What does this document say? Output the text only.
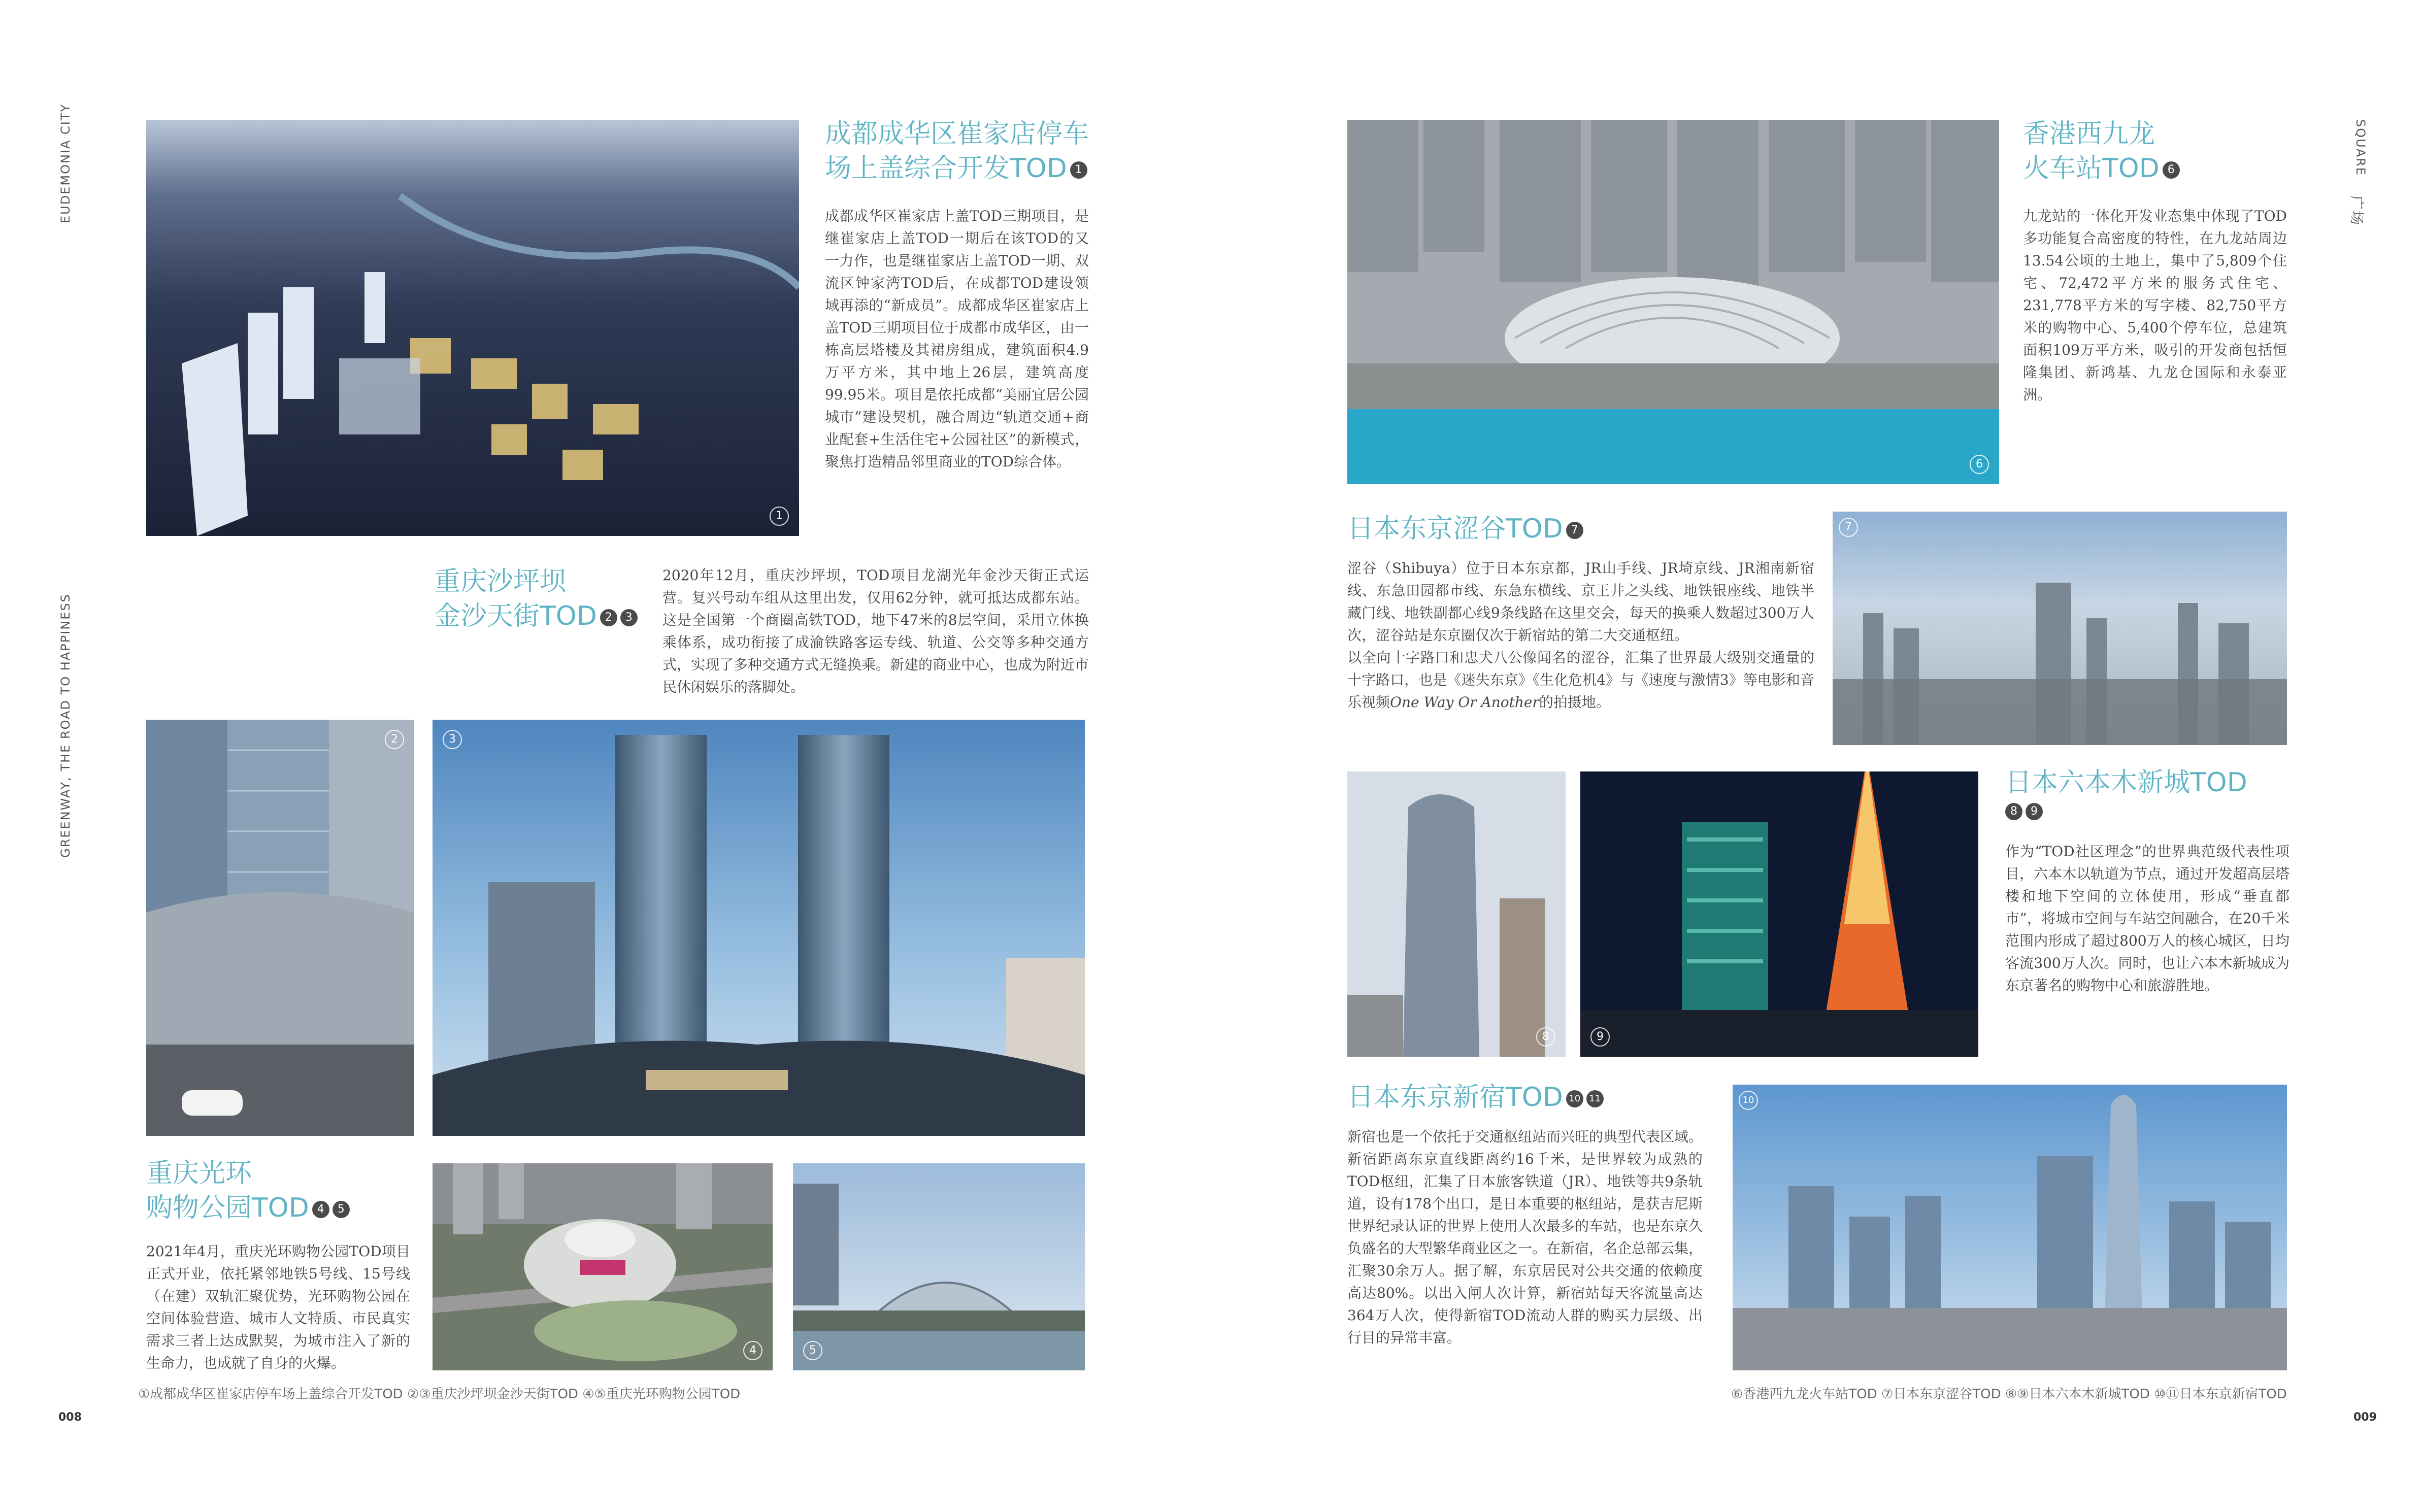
EUDEMONIA CITY
GREENWAY, THE ROAD TO HAPPINESS
SQUARE
广场
1

成都成华区崔家店停车

场上盖综合开发TOD 1

成都成华区崔家店上盖TOD三期项目，是继崔家店上盖TOD一期后在该TOD的又一力作，也是继崔家店上盖TOD一期、双流区钟家湾TOD后，在成都TOD建设领域再添的“新成员”。成都成华区崔家店上盖TOD三期项目位于成都市成华区，由一栋高层塔楼及其裙房组成，建筑面积4.9万平方米，其中地上26层，建筑高度99.95米。项目是依托成都“美丽宜居公园城市”建设契机，融合周边“轨道交通+商业配套+生活住宅+公园社区”的新模式，聚焦打造精品邻里商业的TOD综合体。

重庆沙坪坝

金沙天街TOD 2 3

2020年12月，重庆沙坪坝，TOD项目龙湖光年金沙天街正式运营。复兴号动车组从这里出发，仅用62分钟，就可抵达成都东站。这是全国第一个商圈高铁TOD，地下47米的8层空间，采用立体换乘体系，成功衔接了成渝铁路客运专线、轨道、公交等多种交通方式，实现了多种交通方式无缝换乘。新建的商业中心，也成为附近市民休闲娱乐的落脚处。

2	3

重庆光环

购物公园TOD 4 5

2021年4月，重庆光环购物公园TOD项目正式开业，依托紧邻地铁5号线、15号线（在建）双轨汇聚优势，光环购物公园在空间体验营造、城市人文特质、市民真实需求三者上达成默契，为城市注入了新的生命力，也成就了自身的火爆。

4	5
①成都成华区崔家店停车场上盖综合开发TOD ②③重庆沙坪坝金沙天街TOD ④⑤重庆光环购物公园TOD
008
6

香港西九龙

火车站TOD 6

九龙站的一体化开发业态集中体现了TOD多功能复合高密度的特性，在九龙站周边13.54公顷的土地上，集中了5,809个住宅、72,472平方米的服务式住宅、231,778平方米的写字楼、82,750平方米的购物中心、5,400个停车位，总建筑面积109万平方米，吸引的开发商包括恒隆集团、新鸿基、九龙仓国际和永泰亚洲。

日本东京涩谷TOD 7

涩谷（Shibuya）位于日本东京都，JR山手线、JR埼京线、JR湘南新宿线、东急田园都市线、东急东横线、京王井之头线、地铁银座线、地铁半藏门线、地铁副都心线9条线路在这里交会，每天的换乘人数超过300万人次，涩谷站是东京圈仅次于新宿站的第二大交通枢纽。

以全向十字路口和忠犬八公像闻名的涩谷，汇集了世界最大级别交通量的十字路口，也是《迷失东京》《生化危机4》与《速度与激情3》等电影和音乐视频One Way Or Another的拍摄地。

7
8	9

日本六本木新城TOD

8 9

作为“TOD社区理念”的世界典范级代表性项目，六本木以轨道为节点，通过开发超高层塔楼和地下空间的立体使用，形成“垂直都市”，将城市空间与车站空间融合，在20千米范围内形成了超过800万人的核心城区，日均客流300万人次。同时，也让六本木新城成为东京著名的购物中心和旅游胜地。

日本东京新宿TOD 10 11

新宿也是一个依托于交通枢纽站而兴旺的典型代表区域。新宿距离东京直线距离约16千米，是世界较为成熟的TOD枢纽，汇集了日本旅客铁道（JR）、地铁等共9条轨道，设有178个出口，是日本重要的枢纽站，是获吉尼斯世界纪录认证的世界上使用人次最多的车站，也是东京久负盛名的大型繁华商业区之一。在新宿，名企总部云集，汇聚30余万人。据了解，东京居民对公共交通的依赖度高达80%。以出入闸人次计算，新宿站每天客流量高达364万人次，使得新宿TOD流动人群的购买力层级、出行目的异常丰富。

10
⑥香港西九龙火车站TOD ⑦日本东京涩谷TOD ⑧⑨日本六本木新城TOD ⑩⑪日本东京新宿TOD
009
